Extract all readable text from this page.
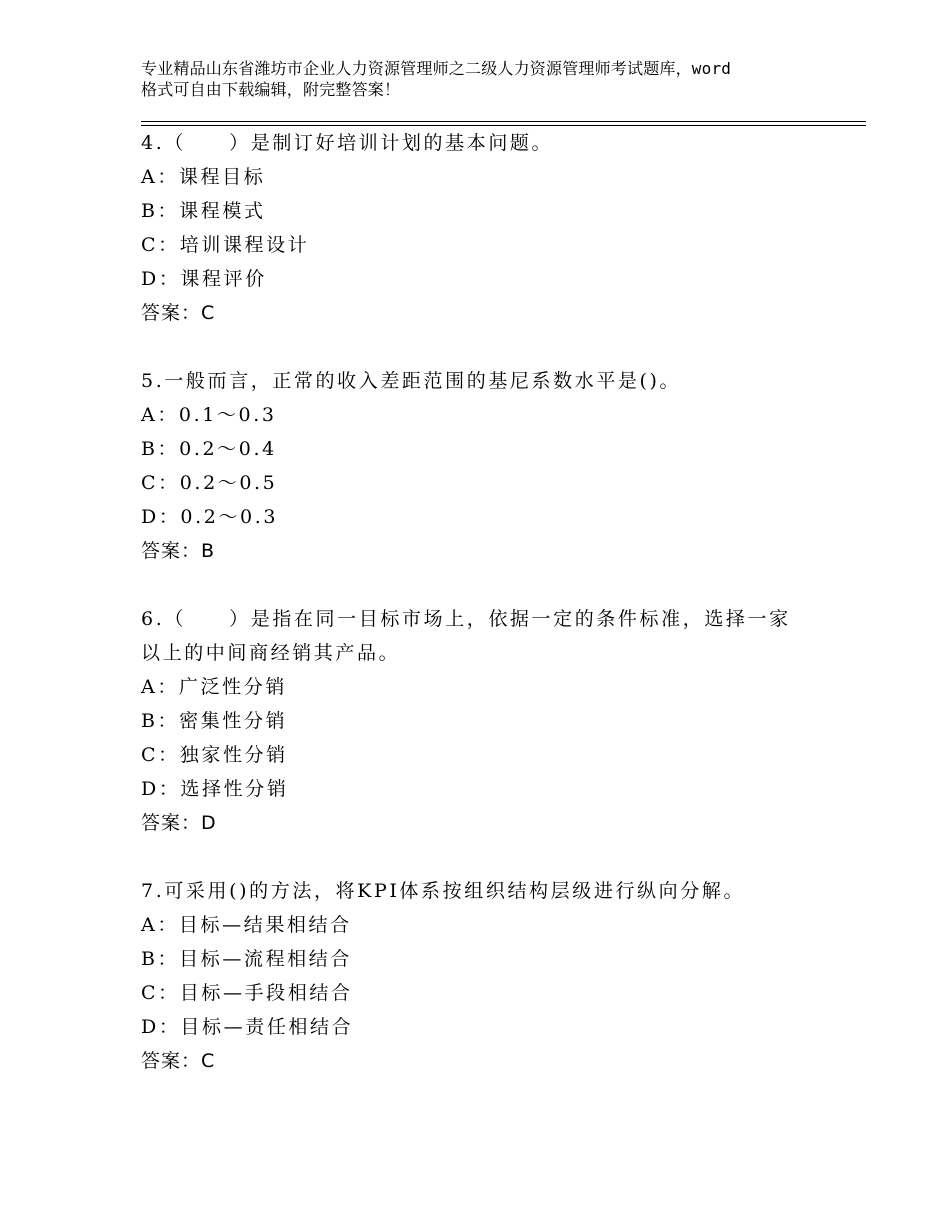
专业精品山东省潍坊市企业人力资源管理师之二级人力资源管理师考试题库，word
格式可自由下载编辑，附完整答案！
4.（　　）是制订好培训计划的基本问题。
A：课程目标
B：课程模式
C：培训课程设计
D：课程评价
答案：C
5.一般而言，正常的收入差距范围的基尼系数水平是()。
A：0.1～0.3
B：0.2～0.4
C：0.2～0.5
D：0.2～0.3
答案：B
6.（　　）是指在同一目标市场上，依据一定的条件标准，选择一家
以上的中间商经销其产品。
A：广泛性分销
B：密集性分销
C：独家性分销
D：选择性分销
答案：D
7.可采用()的方法，将KPI体系按组织结构层级进行纵向分解。
A：目标—结果相结合
B：目标—流程相结合
C：目标—手段相结合
D：目标—责任相结合
答案：C
